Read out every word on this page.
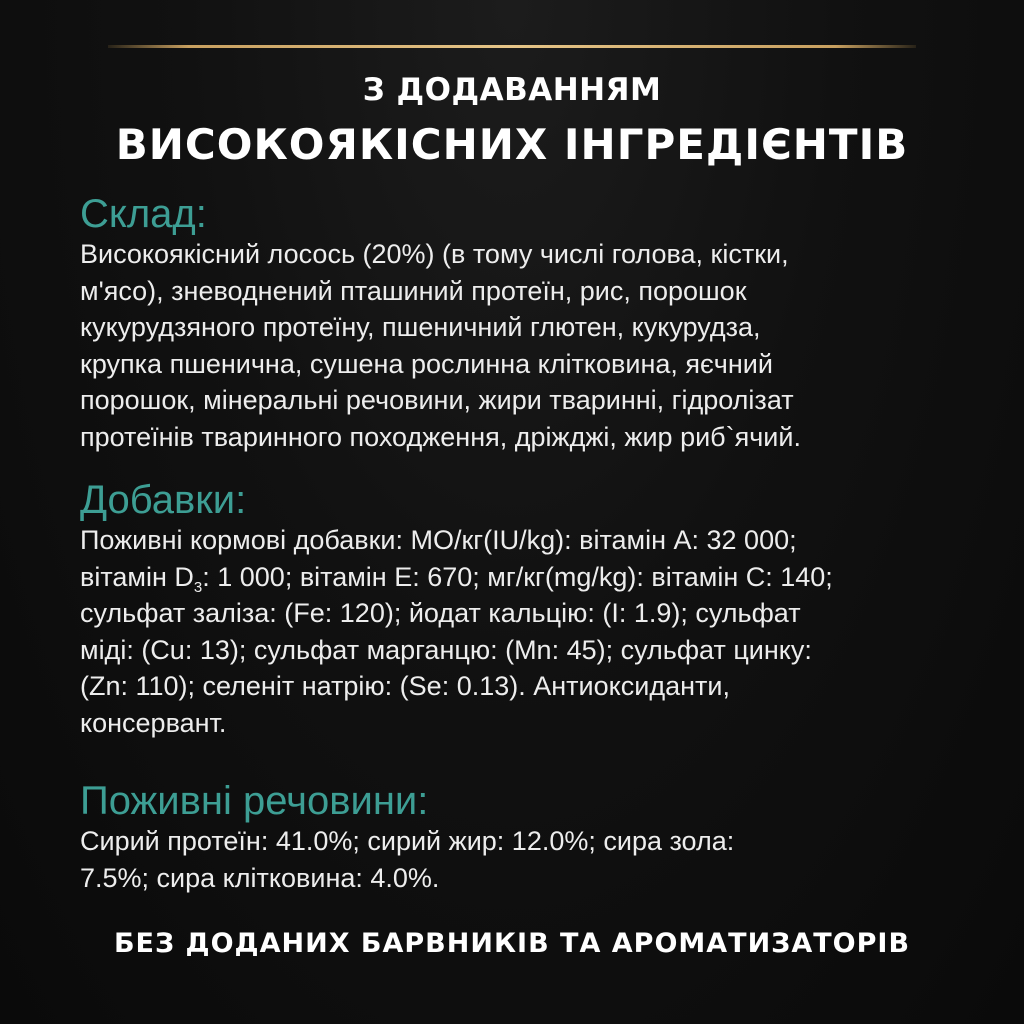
З ДОДАВАННЯМ
ВИСОКОЯКІСНИХ ІНГРЕДІЄНТІВ
Склад:
Високоякісний лосось (20%) (в тому числі голова, кістки,
м'ясо), зневоднений пташиний протеїн, рис, порошок
кукурудзяного протеїну, пшеничний глютен, кукурудза,
крупка пшенична, сушена рослинна клітковина, яєчний
порошок, мінеральні речовини, жири тваринні, гідролізат
протеїнів тваринного походження, дріжджі, жир риб`ячий.
Добавки:
Поживні кормові добавки: МО/кг(IU/kg): вітамін А: 32 000;
вітамін $D_3$: 1 000; вітамін Е: 670; мг/кг(mg/kg): вітамін С: 140;
сульфат заліза: (Fe: 120); йодат кальцію: (I: 1.9); сульфат
міді: (Cu: 13); сульфат марганцю: (Mn: 45); сульфат цинку:
(Zn: 110); селеніт натрію: (Se: 0.13). Антиоксиданти,
консервант.
Поживні речовини:
Сирий протеїн: 41.0%; сирий жир: 12.0%; сира зола:
7.5%; сира клітковина: 4.0%.
БЕЗ ДОДАНИХ БАРВНИКІВ ТА АРОМАТИЗАТОРІВ
